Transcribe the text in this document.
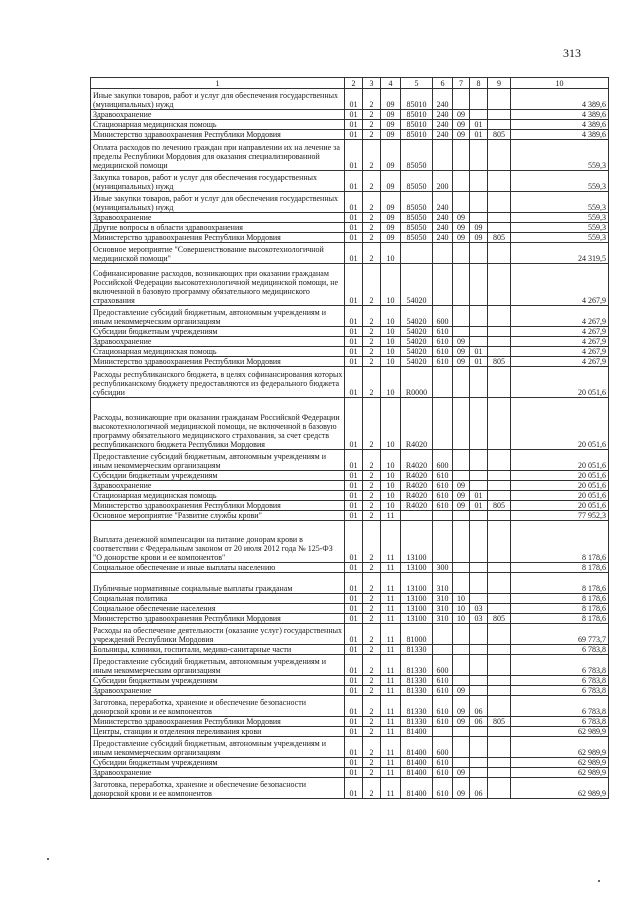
313
1	2	3	4	5	6	7	8	9	10
Иные закупки товаров, работ и услуг для обеспечения государственных (муниципальных) нужд	01	2	09	85010	240				4 389,6
Здравоохранение	01	2	09	85010	240	09			4 389,6
Стационарная медицинская помощь	01	2	09	85010	240	09	01		4 389,6
Министерство здравоохранения Республики Мордовия	01	2	09	85010	240	09	01	805	4 389,6
Оплата расходов по лечению граждан при направлении их на лечение за пределы Республики Мордовия для оказания специализированной медицинской помощи	01	2	09	85050					559,3
Закупка товаров, работ и услуг для обеспечения государственных (муниципальных) нужд	01	2	09	85050	200				559,3
Иные закупки товаров, работ и услуг для обеспечения государственных (муниципальных) нужд	01	2	09	85050	240				559,3
Здравоохранение	01	2	09	85050	240	09			559,3
Другие вопросы в области здравоохранения	01	2	09	85050	240	09	09		559,3
Министерство здравоохранения Республики Мордовия	01	2	09	85050	240	09	09	805	559,3
Основное мероприятие "Совершенствование высокотехнологичной медицинской помощи"	01	2	10						24 319,5
Софинансирование расходов, возникающих при оказании гражданам Российской Федерации высокотехнологичной медицинской помощи, не включенной в базовую программу обязательного медицинского страхования	01	2	10	54020					4 267,9
Предоставление субсидий бюджетным, автономным учреждениям и иным некоммерческим организациям	01	2	10	54020	600				4 267,9
Субсидии бюджетным учреждениям	01	2	10	54020	610				4 267,9
Здравоохранение	01	2	10	54020	610	09			4 267,9
Стационарная медицинская помощь	01	2	10	54020	610	09	01		4 267,9
Министерство здравоохранения Республики Мордовия	01	2	10	54020	610	09	01	805	4 267,9
Расходы республиканского бюджета, в целях софинансирования которых республиканскому бюджету предоставляются из федерального бюджета субсидии	01	2	10	R0000					20 051,6
Расходы, возникающие при оказании гражданам Российской Федерации высокотехнологичной медицинской помощи, не включенной в базовую программу обязательного медицинского страхования, за счет средств республиканского бюджета Республики Мордовия	01	2	10	R4020					20 051,6
Предоставление субсидий бюджетным, автономным учреждениям и иным некоммерческим организациям	01	2	10	R4020	600				20 051,6
Субсидии бюджетным учреждениям	01	2	10	R4020	610				20 051,6
Здравоохранение	01	2	10	R4020	610	09			20 051,6
Стационарная медицинская помощь	01	2	10	R4020	610	09	01		20 051,6
Министерство здравоохранения Республики Мордовия	01	2	10	R4020	610	09	01	805	20 051,6
Основное мероприятие "Развитие службы крови"	01	2	11						77 952,3
Выплата денежной компенсации на питание донорам крови в соответствии с Федеральным законом от 20 июля 2012 года № 125-ФЗ "О донорстве крови и ее компонентов"	01	2	11	13100					8 178,6
Социальное обеспечение и иные выплаты населению	01	2	11	13100	300				8 178,6
Публичные нормативные социальные выплаты гражданам	01	2	11	13100	310				8 178,6
Социальная политика	01	2	11	13100	310	10			8 178,6
Социальное обеспечение населения	01	2	11	13100	310	10	03		8 178,6
Министерство здравоохранения Республики Мордовия	01	2	11	13100	310	10	03	805	8 178,6
Расходы на обеспечение деятельности (оказание услуг) государственных учреждений Республики Мордовия	01	2	11	81000					69 773,7
Больницы, клиники, госпитали, медико-санитарные части	01	2	11	81330					6 783,8
Предоставление субсидий бюджетным, автономным учреждениям и иным некоммерческим организациям	01	2	11	81330	600				6 783,8
Субсидии бюджетным учреждениям	01	2	11	81330	610				6 783,8
Здравоохранение	01	2	11	81330	610	09			6 783,8
Заготовка, переработка, хранение и обеспечение безопасности донорской крови и ее компонентов	01	2	11	81330	610	09	06		6 783,8
Министерство здравоохранения Республики Мордовия	01	2	11	81330	610	09	06	805	6 783,8
Центры, станции и отделения переливания крови	01	2	11	81400					62 989,9
Предоставление субсидий бюджетным, автономным учреждениям и иным некоммерческим организациям	01	2	11	81400	600				62 989,9
Субсидии бюджетным учреждениям	01	2	11	81400	610				62 989,9
Здравоохранение	01	2	11	81400	610	09			62 989,9
Заготовка, переработка, хранение и обеспечение безопасности донорской крови и ее компонентов	01	2	11	81400	610	09	06		62 989,9
